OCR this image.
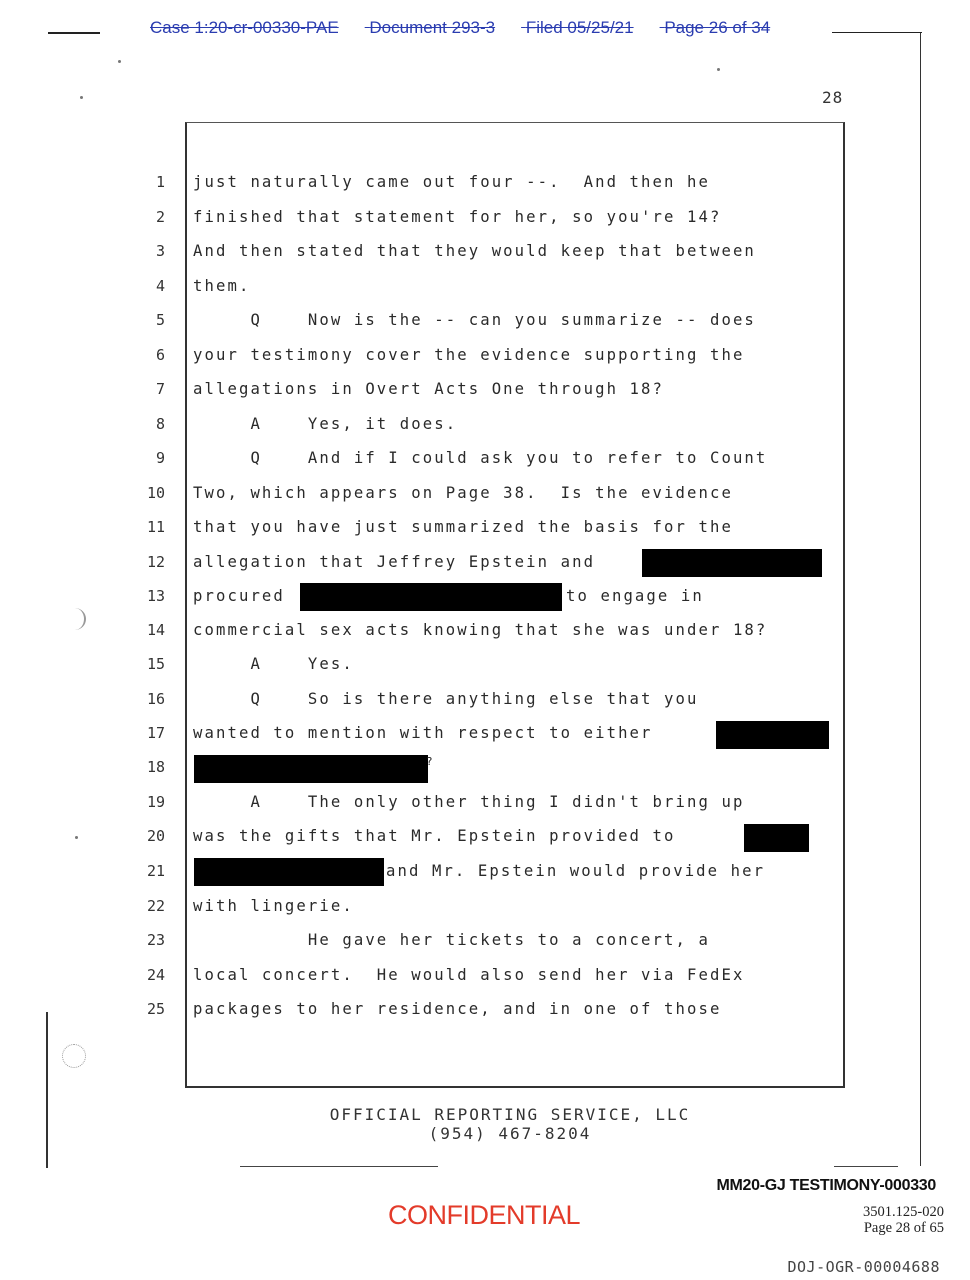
Case 1:20-cr-00330-PAE Document 293-3 Filed 05/25/21 Page 26 of 34
28
1 just naturally came out four --.  And then he
2 finished that statement for her, so you're 14?
3 And then stated that they would keep that between
4 them.
5 Q    Now is the -- can you summarize -- does
6 your testimony cover the evidence supporting the
7 allegations in Overt Acts One through 18?
8 A    Yes, it does.
9 Q    And if I could ask you to refer to Count
10 Two, which appears on Page 38.  Is the evidence
11 that you have just summarized the basis for the
12 allegation that Jeffrey Epstein and
13 procured	to engage in
14 commercial sex acts knowing that she was under 18?
15 A    Yes.
16 Q    So is there anything else that you
17 wanted to mention with respect to either
18	?
19 A    The only other thing I didn't bring up
20 was the gifts that Mr. Epstein provided to
21	and Mr. Epstein would provide her
22 with lingerie.
23 He gave her tickets to a concert, a
24 local concert.  He would also send her via FedEx
25 packages to her residence, and in one of those
OFFICIAL REPORTING SERVICE, LLC
(954) 467-8204
MM20-GJ TESTIMONY-000330
CONFIDENTIAL	3501.125-020
Page 28 of 65
DOJ-OGR-00004688
